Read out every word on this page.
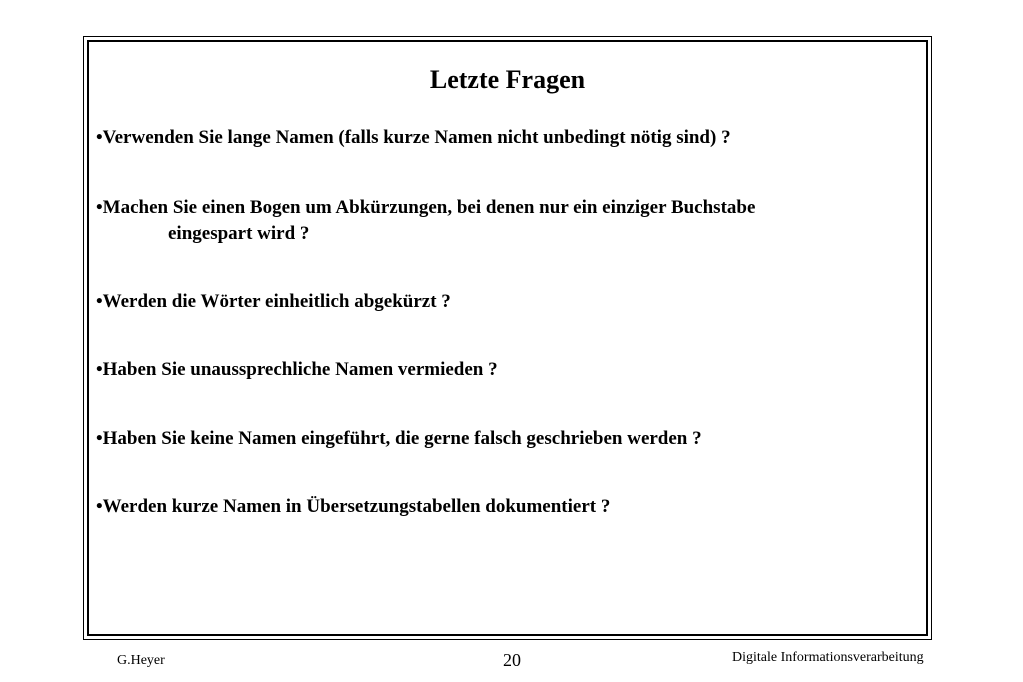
Letzte Fragen

•Verwenden Sie lange Namen (falls kurze Namen nicht unbedingt nötig sind) ?

•Machen Sie einen Bogen um Abkürzungen, bei denen nur ein einziger Buchstabe
eingespart wird ?

•Werden die Wörter einheitlich abgekürzt ?

•Haben Sie unaussprechliche Namen vermieden ?

•Haben Sie keine Namen eingeführt, die gerne falsch geschrieben werden ?

•Werden kurze Namen in Übersetzungstabellen dokumentiert ?

G.Heyer	20	Digitale Informationsverarbeitung
